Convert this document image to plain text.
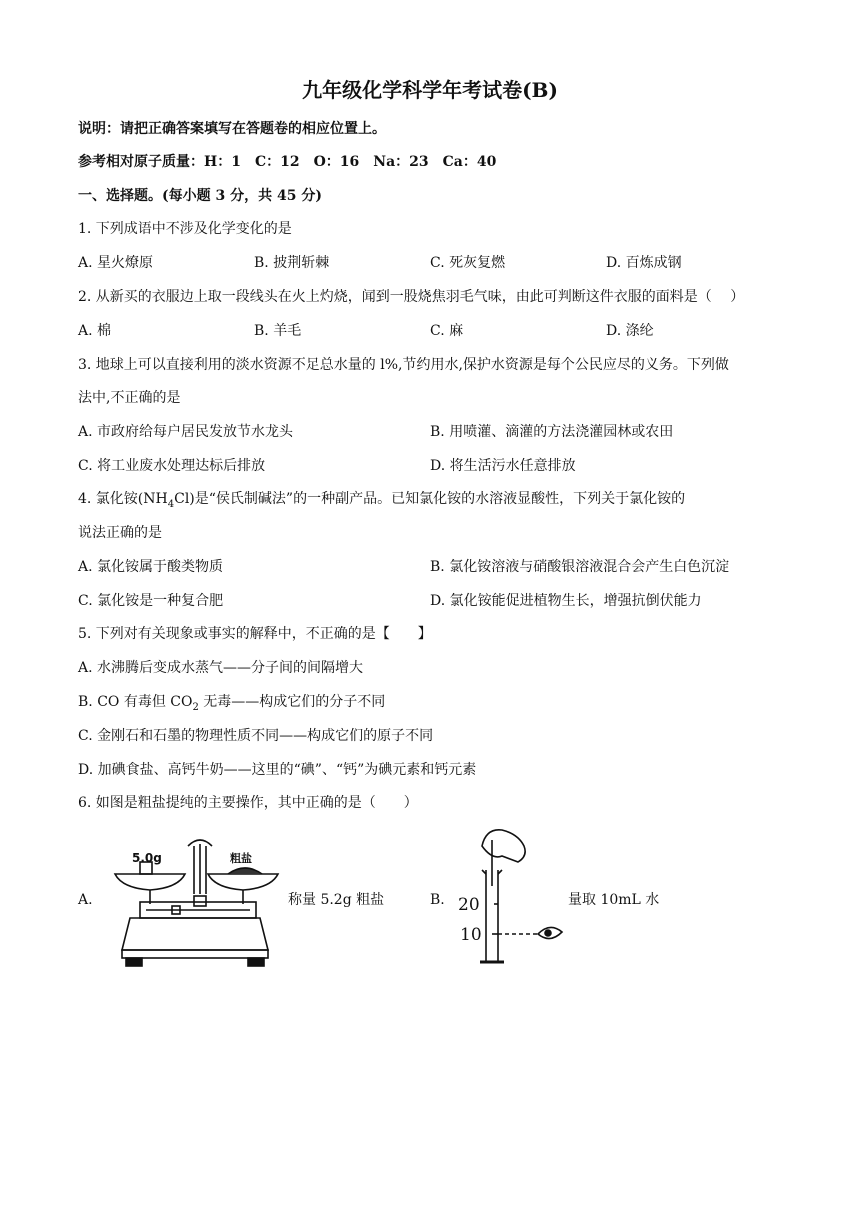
九年级化学科学年考试卷(B)
说明：请把正确答案填写在答题卷的相应位置上。
参考相对原子质量：H：1　C：12　O：16　Na：23　Ca：40
一、选择题。(每小题 3 分，共 45 分)
1. 下列成语中不涉及化学变化的是
A. 星火燎原	B. 披荆斩棘	C. 死灰复燃	D. 百炼成钢
2. 从新买的衣服边上取一段线头在火上灼烧，闻到一股烧焦羽毛气味，由此可判断这件衣服的面料是（　 ）
A. 棉	B. 羊毛	C. 麻	D. 涤纶
3. 地球上可以直接利用的淡水资源不足总水量的 l%,节约用水,保护水资源是每个公民应尽的义务。下列做
法中,不正确的是
A. 市政府给每户居民发放节水龙头	B. 用喷灌、滴灌的方法浇灌园林或农田
C. 将工业废水处理达标后排放	D. 将生活污水任意排放
4. 氯化铵$(NH_4Cl)$是“侯氏制碱法”的一种副产品。已知氯化铵的水溶液显酸性，下列关于氯化铵的
说法正确的是
A. 氯化铵属于酸类物质	B. 氯化铵溶液与硝酸银溶液混合会产生白色沉淀
C. 氯化铵是一种复合肥	D. 氯化铵能促进植物生长，增强抗倒伏能力
5. 下列对有关现象或事实的解释中，不正确的是【　　】
A. 水沸腾后变成水蒸气——分子间的间隔增大
B. CO 有毒但 $CO_2$ 无毒——构成它们的分子不同
C. 金刚石和石墨的物理性质不同——构成它们的原子不同
D. 加碘食盐、高钙牛奶——这里的“碘”、“钙”为碘元素和钙元素
6. 如图是粗盐提纯的主要操作，其中正确的是（　　）
A.
5.0g	粗盐
称量 5.2g 粗盐	B. 20
10
量取 10mL 水
